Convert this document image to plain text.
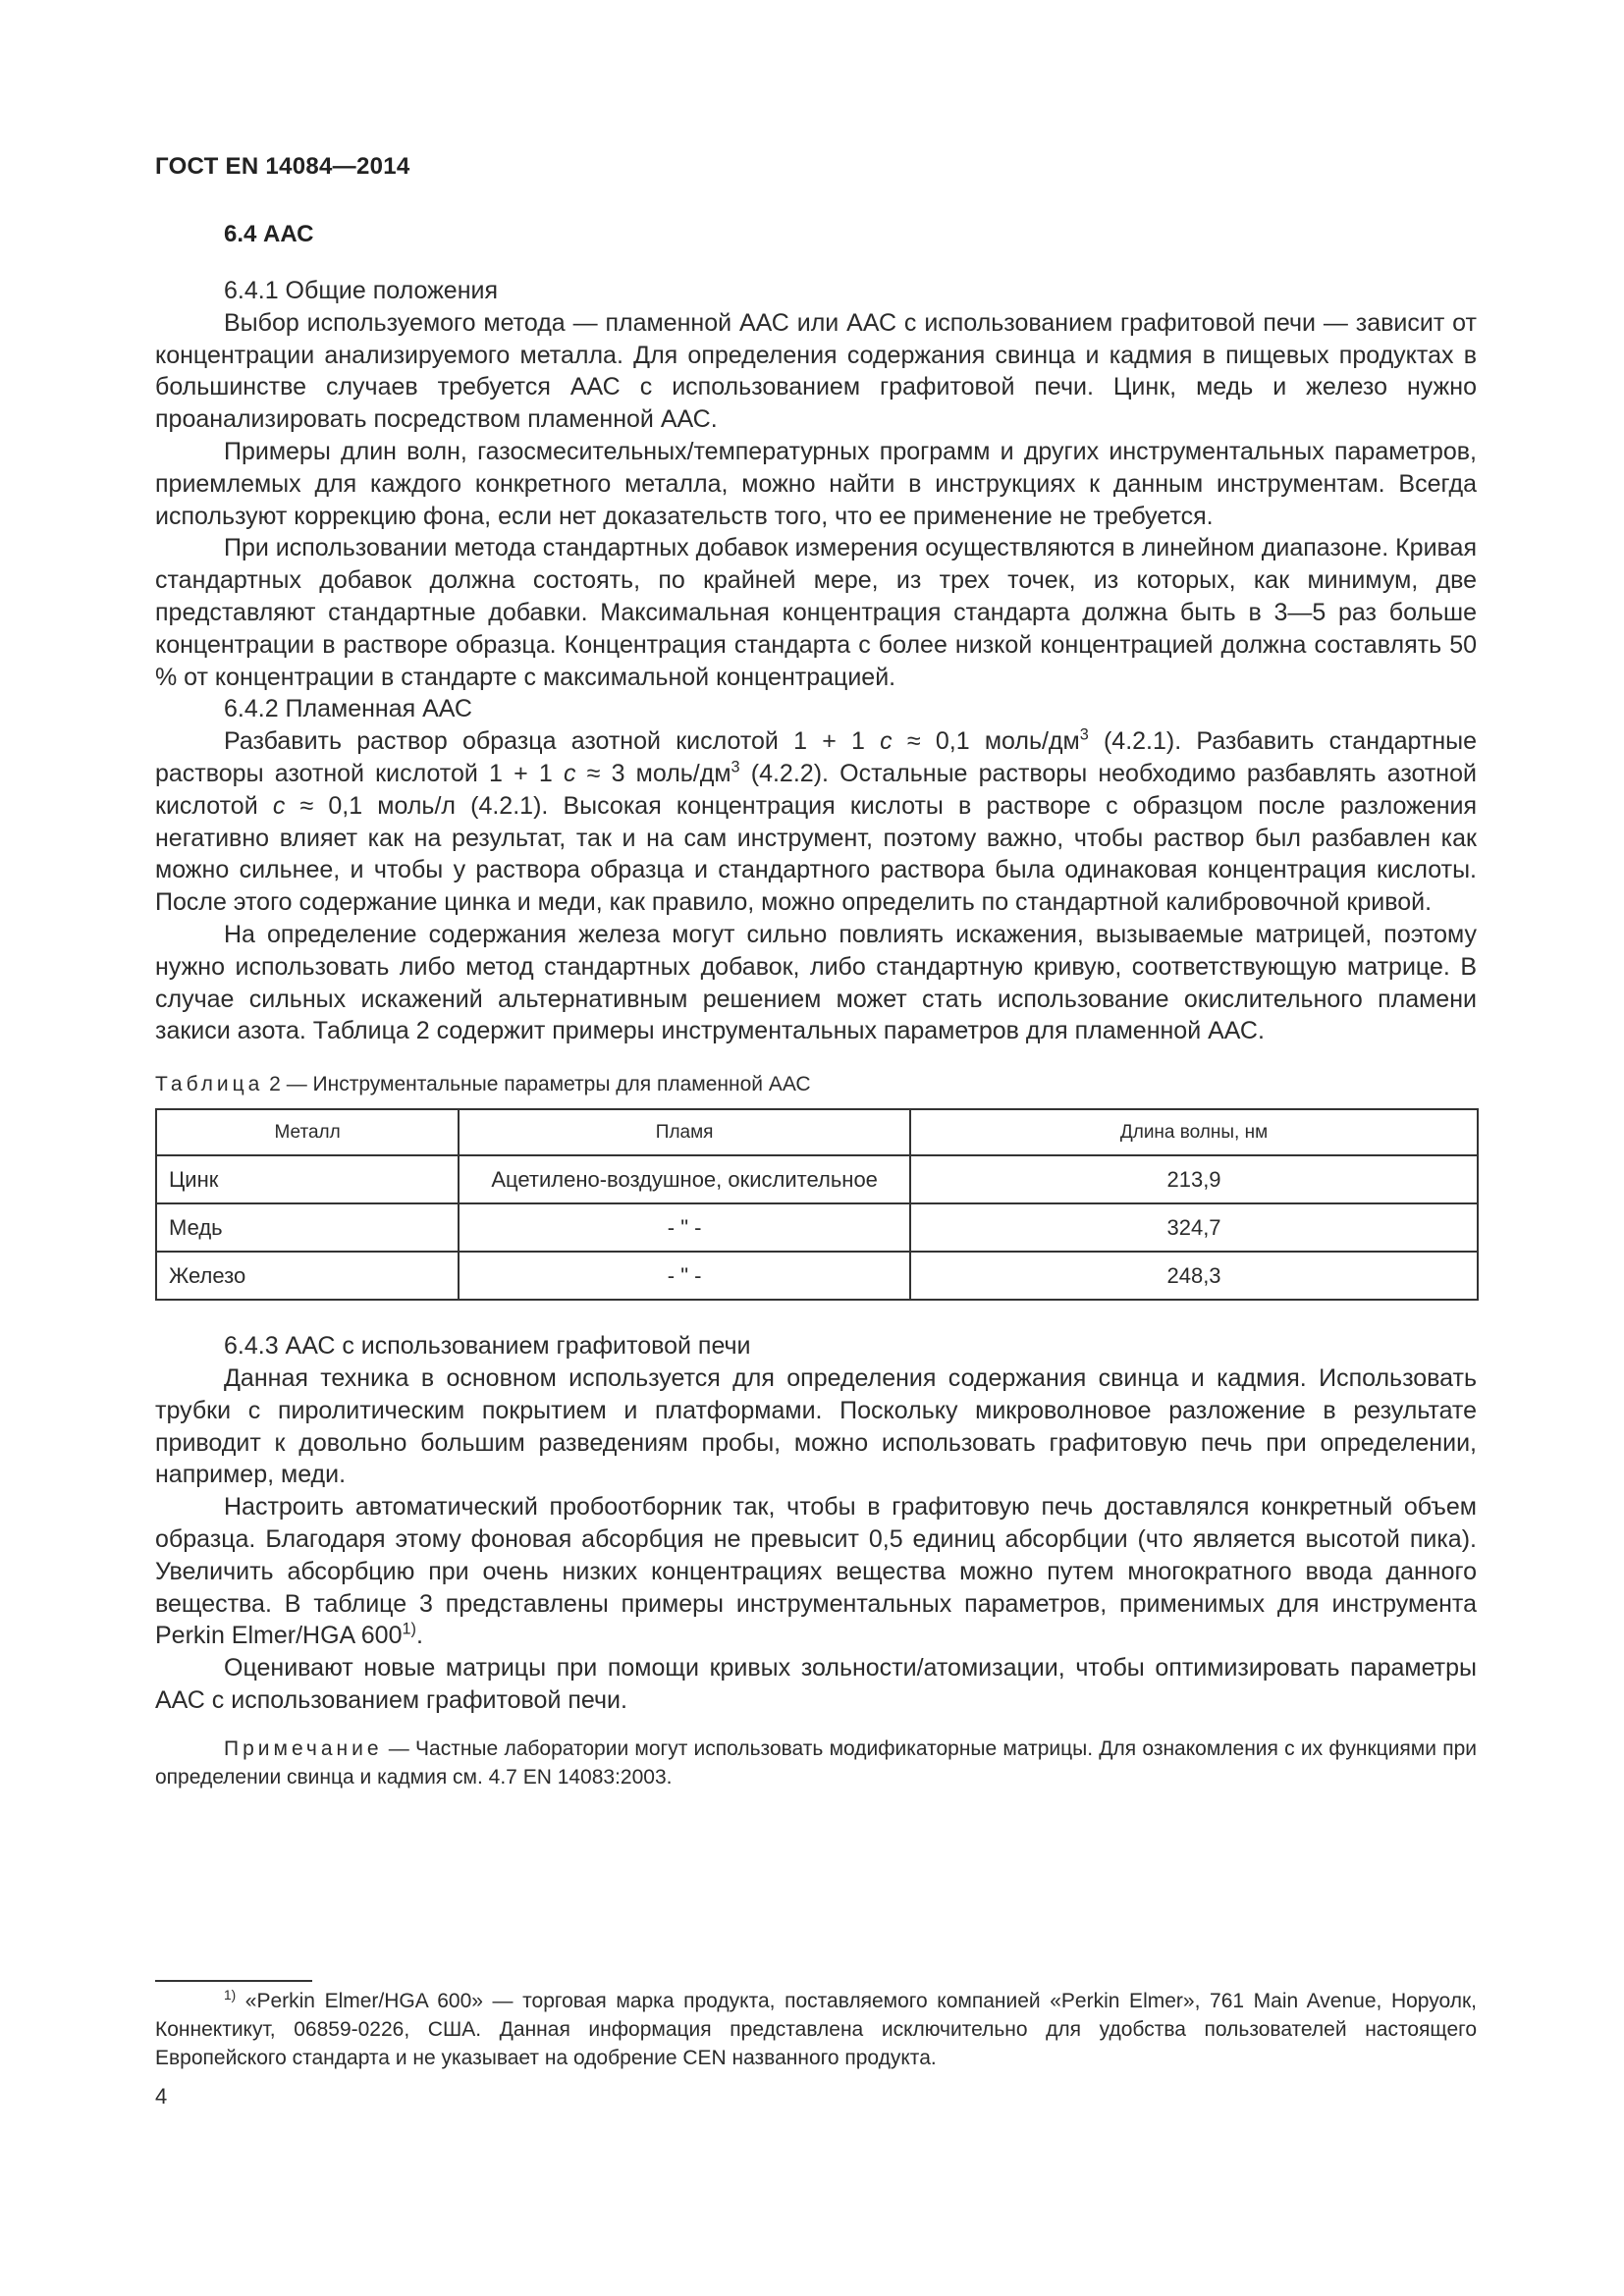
ГОСТ EN 14084—2014
6.4 ААС
6.4.1 Общие положения

Выбор используемого метода — пламенной ААС или ААС с использованием графитовой печи — зависит от концентрации анализируемого металла. Для определения содержания свинца и кадмия в пищевых продуктах в большинстве случаев требуется ААС с использованием графитовой печи. Цинк, медь и железо нужно проанализировать посредством пламенной ААС.

Примеры длин волн, газосмесительных/температурных программ и других инструментальных параметров, приемлемых для каждого конкретного металла, можно найти в инструкциях к данным инструментам. Всегда используют коррекцию фона, если нет доказательств того, что ее применение не требуется.

При использовании метода стандартных добавок измерения осуществляются в линейном диапазоне. Кривая стандартных добавок должна состоять, по крайней мере, из трех точек, из которых, как минимум, две представляют стандартные добавки. Максимальная концентрация стандарта должна быть в 3—5 раз больше концентрации в растворе образца. Концентрация стандарта с более низкой концентрацией должна составлять 50 % от концентрации в стандарте с максимальной концентрацией.

6.4.2 Пламенная ААС

Разбавить раствор образца азотной кислотой 1 + 1 c ≈ 0,1 моль/$дм^3$ (4.2.1). Разбавить стандартные растворы азотной кислотой 1 + 1 c ≈ 3 моль/$дм^3$ (4.2.2). Остальные растворы необходимо разбавлять азотной кислотой c ≈ 0,1 моль/л (4.2.1). Высокая концентрация кислоты в растворе с образцом после разложения негативно влияет как на результат, так и на сам инструмент, поэтому важно, чтобы раствор был разбавлен как можно сильнее, и чтобы у раствора образца и стандартного раствора была одинаковая концентрация кислоты. После этого содержание цинка и меди, как правило, можно определить по стандартной калибровочной кривой.

На определение содержания железа могут сильно повлиять искажения, вызываемые матрицей, поэтому нужно использовать либо метод стандартных добавок, либо стандартную кривую, соответствующую матрице. В случае сильных искажений альтернативным решением может стать использование окислительного пламени закиси азота. Таблица 2 содержит примеры инструментальных параметров для пламенной ААС.

Таблица 2 — Инструментальные параметры для пламенной ААС
Металл	Пламя	Длина волны, нм
Цинк	Ацетилено-воздушное, окислительное	213,9
Медь	- " -	324,7
Железо	- " -	248,3
6.4.3 ААС с использованием графитовой печи

Данная техника в основном используется для определения содержания свинца и кадмия. Использовать трубки с пиролитическим покрытием и платформами. Поскольку микроволновое разложение в результате приводит к довольно большим разведениям пробы, можно использовать графитовую печь при определении, например, меди.

Настроить автоматический пробоотборник так, чтобы в графитовую печь доставлялся конкретный объем образца. Благодаря этому фоновая абсорбция не превысит 0,5 единиц абсорбции (что является высотой пика). Увеличить абсорбцию при очень низких концентрациях вещества можно путем многократного ввода данного вещества. В таблице 3 представлены примеры инструментальных параметров, применимых для инструмента Perkin Elmer/HGA 600$^{1)}$.

Оценивают новые матрицы при помощи кривых зольности/атомизации, чтобы оптимизировать параметры ААС с использованием графитовой печи.

Примечание — Частные лаборатории могут использовать модификаторные матрицы. Для ознакомления с их функциями при определении свинца и кадмия см. 4.7 EN 14083:2003.

$^{1)}$ «Perkin Elmer/HGA 600» — торговая марка продукта, поставляемого компанией «Perkin Elmer», 761 Main Avenue, Норуолк, Коннектикут, 06859-0226, США. Данная информация представлена исключительно для удобства пользователей настоящего Европейского стандарта и не указывает на одобрение CEN названного продукта.
4
